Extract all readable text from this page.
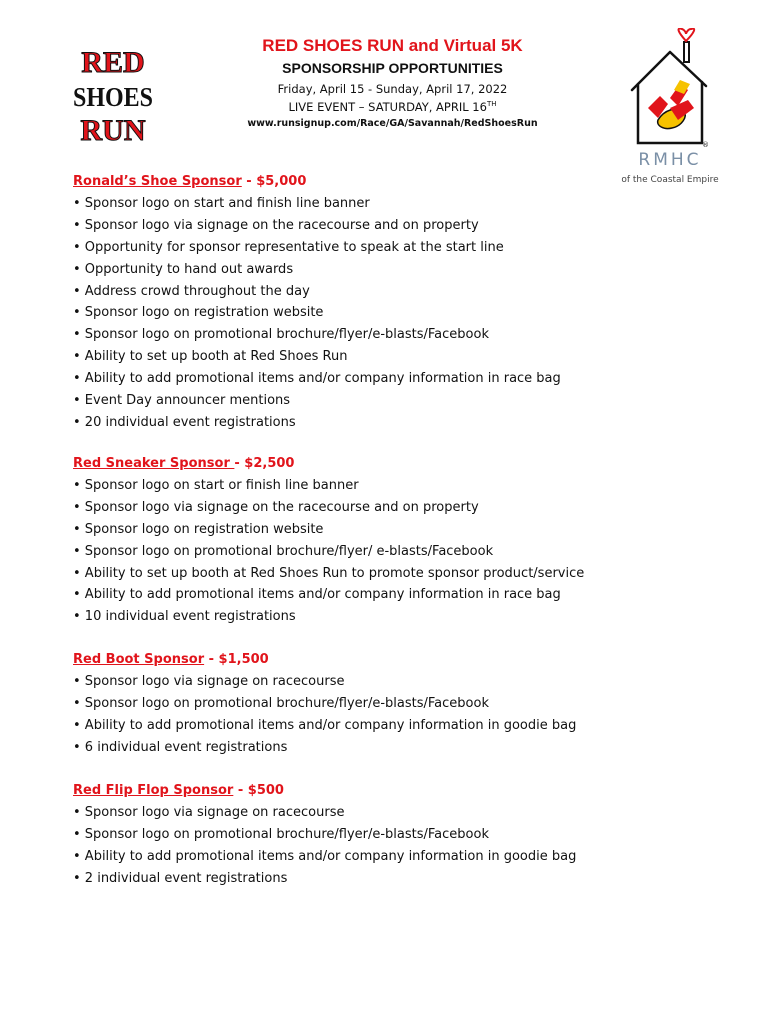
RED
SHOES
RUN
RED SHOES RUN and Virtual 5K
SPONSORSHIP OPPORTUNITIES
Friday, April 15 - Sunday, April 17, 2022
LIVE EVENT – SATURDAY, APRIL 16TH
www.runsignup.com/Race/GA/Savannah/RedShoesRun
®
RMHC
of the Coastal Empire
Ronald’s Shoe Sponsor - $5,000
• Sponsor logo on start and finish line banner
• Sponsor logo via signage on the racecourse and on property
• Opportunity for sponsor representative to speak at the start line
• Opportunity to hand out awards
• Address crowd throughout the day
• Sponsor logo on registration website
• Sponsor logo on promotional brochure/flyer/e-blasts/Facebook
• Ability to set up booth at Red Shoes Run
• Ability to add promotional items and/or company information in race bag
• Event Day announcer mentions
• 20 individual event registrations
Red Sneaker Sponsor - $2,500
• Sponsor logo on start or finish line banner
• Sponsor logo via signage on the racecourse and on property
• Sponsor logo on registration website
• Sponsor logo on promotional brochure/flyer/ e-blasts/Facebook
• Ability to set up booth at Red Shoes Run to promote sponsor product/service
• Ability to add promotional items and/or company information in race bag
• 10 individual event registrations
Red Boot Sponsor - $1,500
• Sponsor logo via signage on racecourse
• Sponsor logo on promotional brochure/flyer/e-blasts/Facebook
• Ability to add promotional items and/or company information in goodie bag
• 6 individual event registrations
Red Flip Flop Sponsor - $500
• Sponsor logo via signage on racecourse
• Sponsor logo on promotional brochure/flyer/e-blasts/Facebook
• Ability to add promotional items and/or company information in goodie bag
• 2 individual event registrations
